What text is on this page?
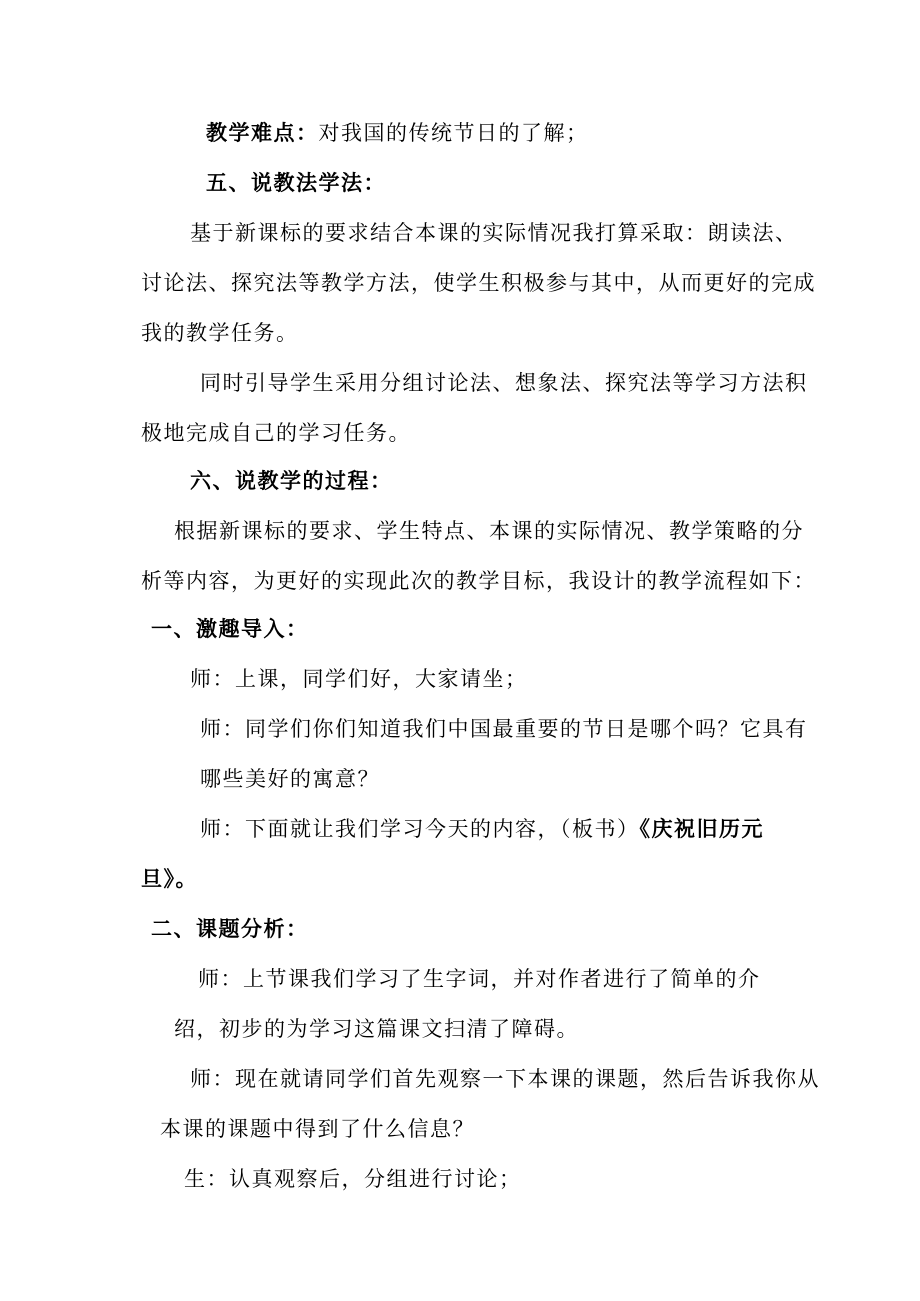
教学难点：对我国的传统节日的了解；
五、说教法学法：
基于新课标的要求结合本课的实际情况我打算采取：朗读法、
讨论法、探究法等教学方法，使学生积极参与其中，从而更好的完成
我的教学任务。
同时引导学生采用分组讨论法、想象法、探究法等学习方法积
极地完成自己的学习任务。
六、说教学的过程：
根据新课标的要求、学生特点、本课的实际情况、教学策略的分
析等内容，为更好的实现此次的教学目标，我设计的教学流程如下：
一、激趣导入：
师：上课，同学们好，大家请坐；
师：同学们你们知道我们中国最重要的节日是哪个吗？它具有
哪些美好的寓意？
师：下面就让我们学习今天的内容，（板书）《庆祝旧历元
旦》。
二、课题分析：
师：上节课我们学习了生字词，并对作者进行了简单的介
绍，初步的为学习这篇课文扫清了障碍。
师：现在就请同学们首先观察一下本课的课题，然后告诉我你从
本课的课题中得到了什么信息？
生：认真观察后，分组进行讨论；
